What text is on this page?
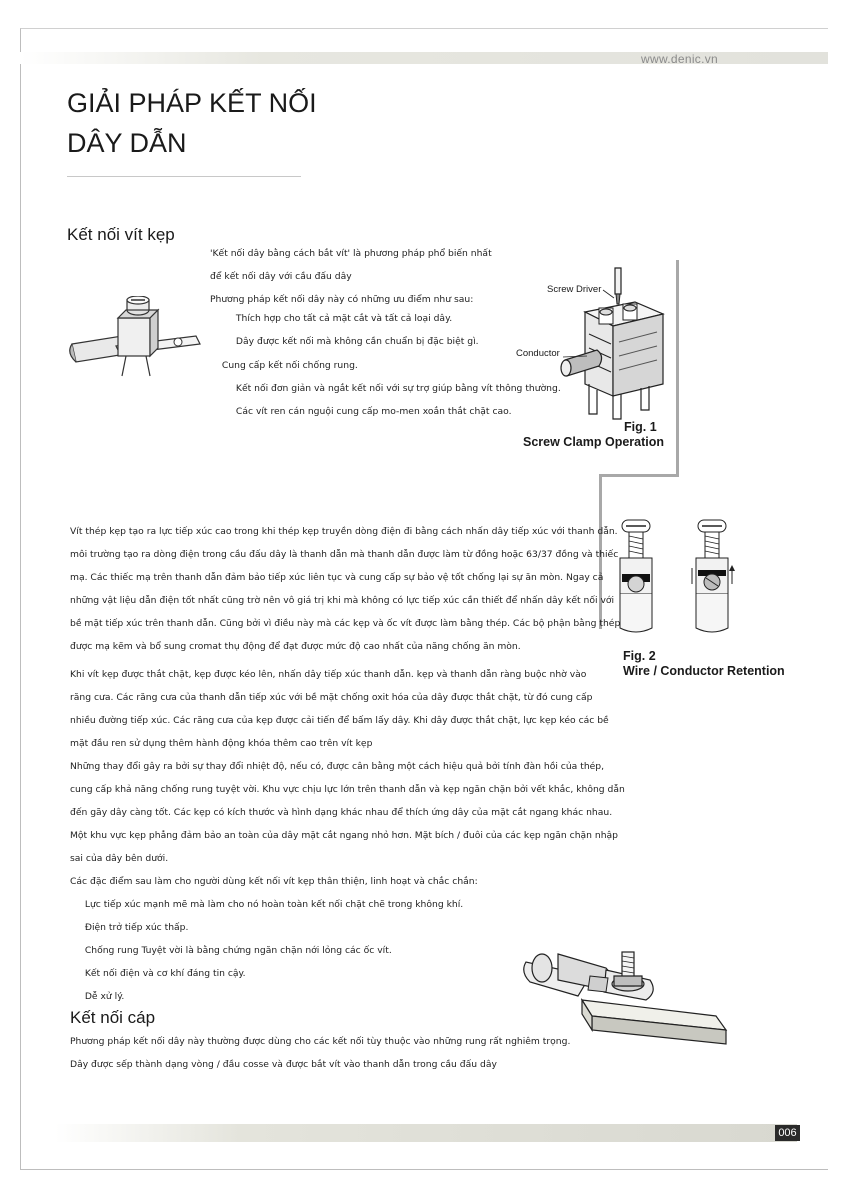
www.denic.vn
GIẢI PHÁP KẾT NỐI
DÂY DẪN
Kết nối vít kẹp
'Kết nối dây bằng cách bắt vít' là phương pháp phổ biến nhất
để kết nối dây với cầu đấu dây
Phương pháp kết nối dây này có những ưu điểm như sau:
Thích hợp cho tất cả mặt cắt và tất cả loại dây.
Dây được kết nối mà không cần chuẩn bị đặc biệt gì.
Cung cấp kết nối chống rung.
Kết nối đơn giản và ngắt kết nối với sự trợ giúp bằng vít thông thường.
Các vít ren cán nguội cung cấp mo-men xoắn thắt chặt cao.
Screw Driver
Conductor
Fig. 1
Screw Clamp Operation
Fig. 2
Wire / Conductor Retention
Vít thép kẹp tạo ra lực tiếp xúc cao trong khi thép kẹp truyền dòng điện đi bằng cách nhấn dây tiếp xúc với thanh dẫn.
môi trường tạo ra dòng điện trong cầu đấu dây là thanh dẫn mà thanh dẫn được làm từ đồng hoặc 63/37 đồng và thiếc
mạ. Các thiếc mạ trên thanh dẫn đảm bảo tiếp xúc liên tục và cung cấp sự bảo vệ tốt chống lại sự ăn mòn. Ngay cả
những vật liệu dẫn điện tốt nhất cũng trờ nên vô giá trị khi mà không có lực tiếp xúc cần thiết để nhấn dây kết nối với
bề mặt tiếp xúc trên thanh dẫn. Cũng bởi vì điều này mà các kẹp và ốc vít được làm bằng thép. Các bộ phận bằng thép
được mạ kẽm và bổ sung cromat thụ động để đạt được mức độ cao nhất của năng chống ăn mòn.
Khi vít kẹp được thắt chặt, kẹp được kéo lên, nhấn dây tiếp xúc thanh dẫn. kẹp và thanh dẫn ràng buộc nhờ vào
răng cưa. Các răng cưa của thanh dẫn tiếp xúc với bề mặt chống oxit hóa của dây được thắt chặt, từ đó cung cấp
nhiều đường tiếp xúc. Các răng cưa của kẹp được cải tiến để bấm lấy dây. Khi dây được thắt chặt, lực kẹp kéo các bề
mặt đầu ren sử dụng thêm hành động khóa thêm cao trên vít kẹp
Những thay đổi gây ra bởi sự thay đổi nhiệt độ, nếu có, được cân bằng một cách hiệu quả bởi tính đàn hồi của thép,
cung cấp khả năng chống rung tuyệt vời. Khu vực chịu lực lớn trên thanh dẫn và kẹp ngăn chặn bởi vết khắc, không dẫn
đến gãy dây càng tốt. Các kẹp có kích thước và hình dạng khác nhau để thích ứng dây của mặt cắt ngang khác nhau.
Một khu vực kẹp phẳng đảm bảo an toàn của dây mặt cắt ngang nhỏ hơn. Mặt bích / đuôi của các kẹp ngăn chặn nhập
sai của dây bên dưới.
Các đặc điểm sau làm cho người dùng kết nối vít kẹp thân thiện, linh hoạt và chắc chắn:
Lực tiếp xúc mạnh mẽ mà làm cho nó hoàn toàn kết nối chặt chẽ trong không khí.
Điện trở tiếp xúc thấp.
Chống rung Tuyệt vời là bằng chứng ngăn chặn nới lỏng các ốc vít.
Kết nối điện và cơ khí đáng tin cậy.
Dễ xử lý.
Kết nối cáp
Phương pháp kết nối dây này thường được dùng cho các kết nối tùy thuộc vào những rung rất nghiêm trọng.
Dây được sếp thành dạng vòng / đầu cosse và được bắt vít vào thanh dẫn trong cầu đấu dây
006
